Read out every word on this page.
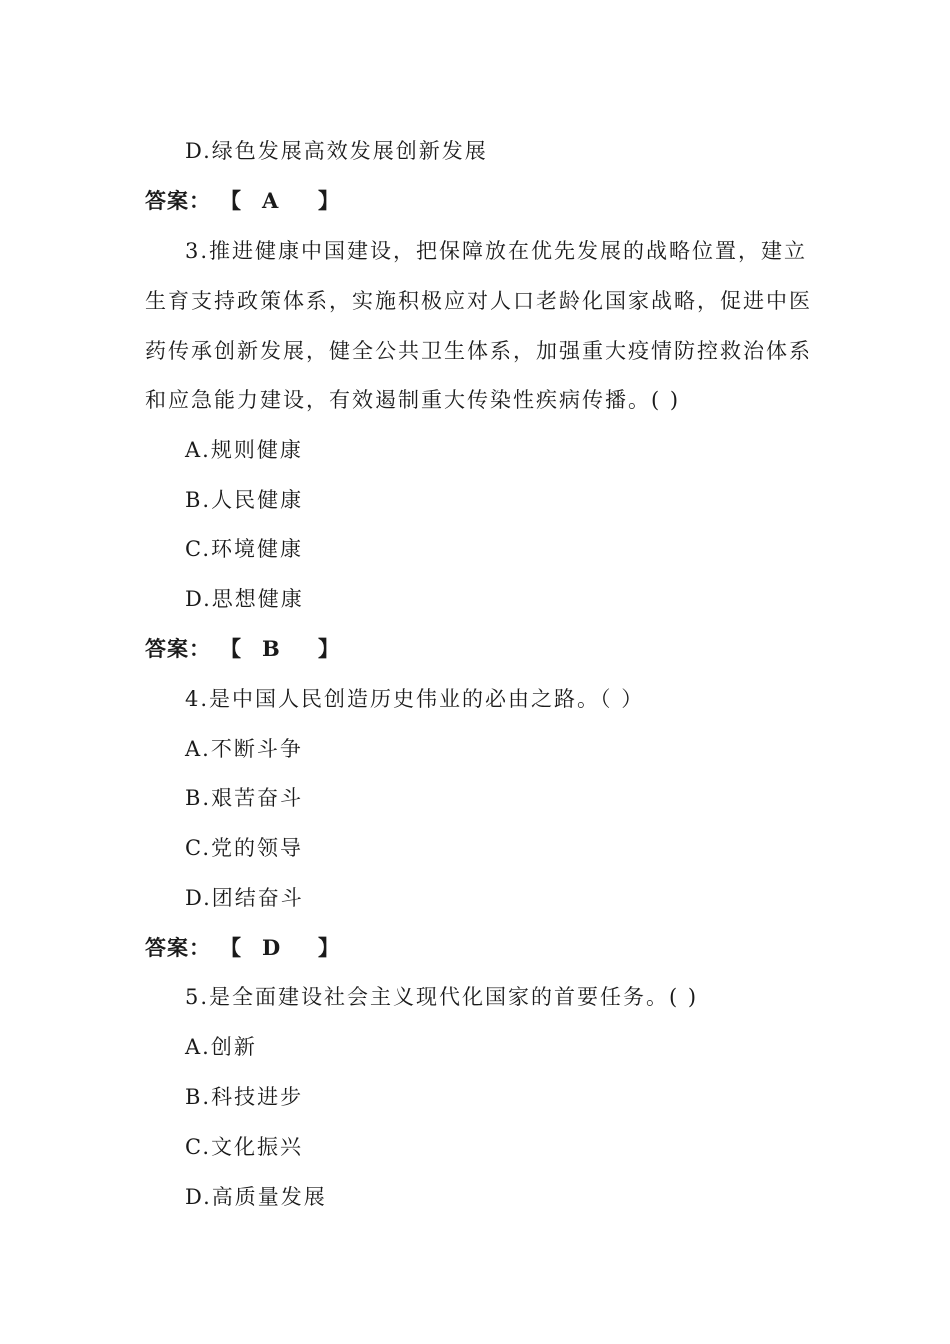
D.绿色发展高效发展创新发展
答案： 【 A 】
3.推进健康中国建设，把保障放在优先发展的战略位置，建立
生育支持政策体系，实施积极应对人口老龄化国家战略，促进中医
药传承创新发展，健全公共卫生体系，加强重大疫情防控救治体系
和应急能力建设，有效遏制重大传染性疾病传播。( )
A.规则健康
B.人民健康
C.环境健康
D.思想健康
答案： 【 B 】
4.是中国人民创造历史伟业的必由之路。（ ）
A.不断斗争
B.艰苦奋斗
C.党的领导
D.团结奋斗
答案： 【 D 】
5.是全面建设社会主义现代化国家的首要任务。( )
A.创新
B.科技进步
C.文化振兴
D.高质量发展
